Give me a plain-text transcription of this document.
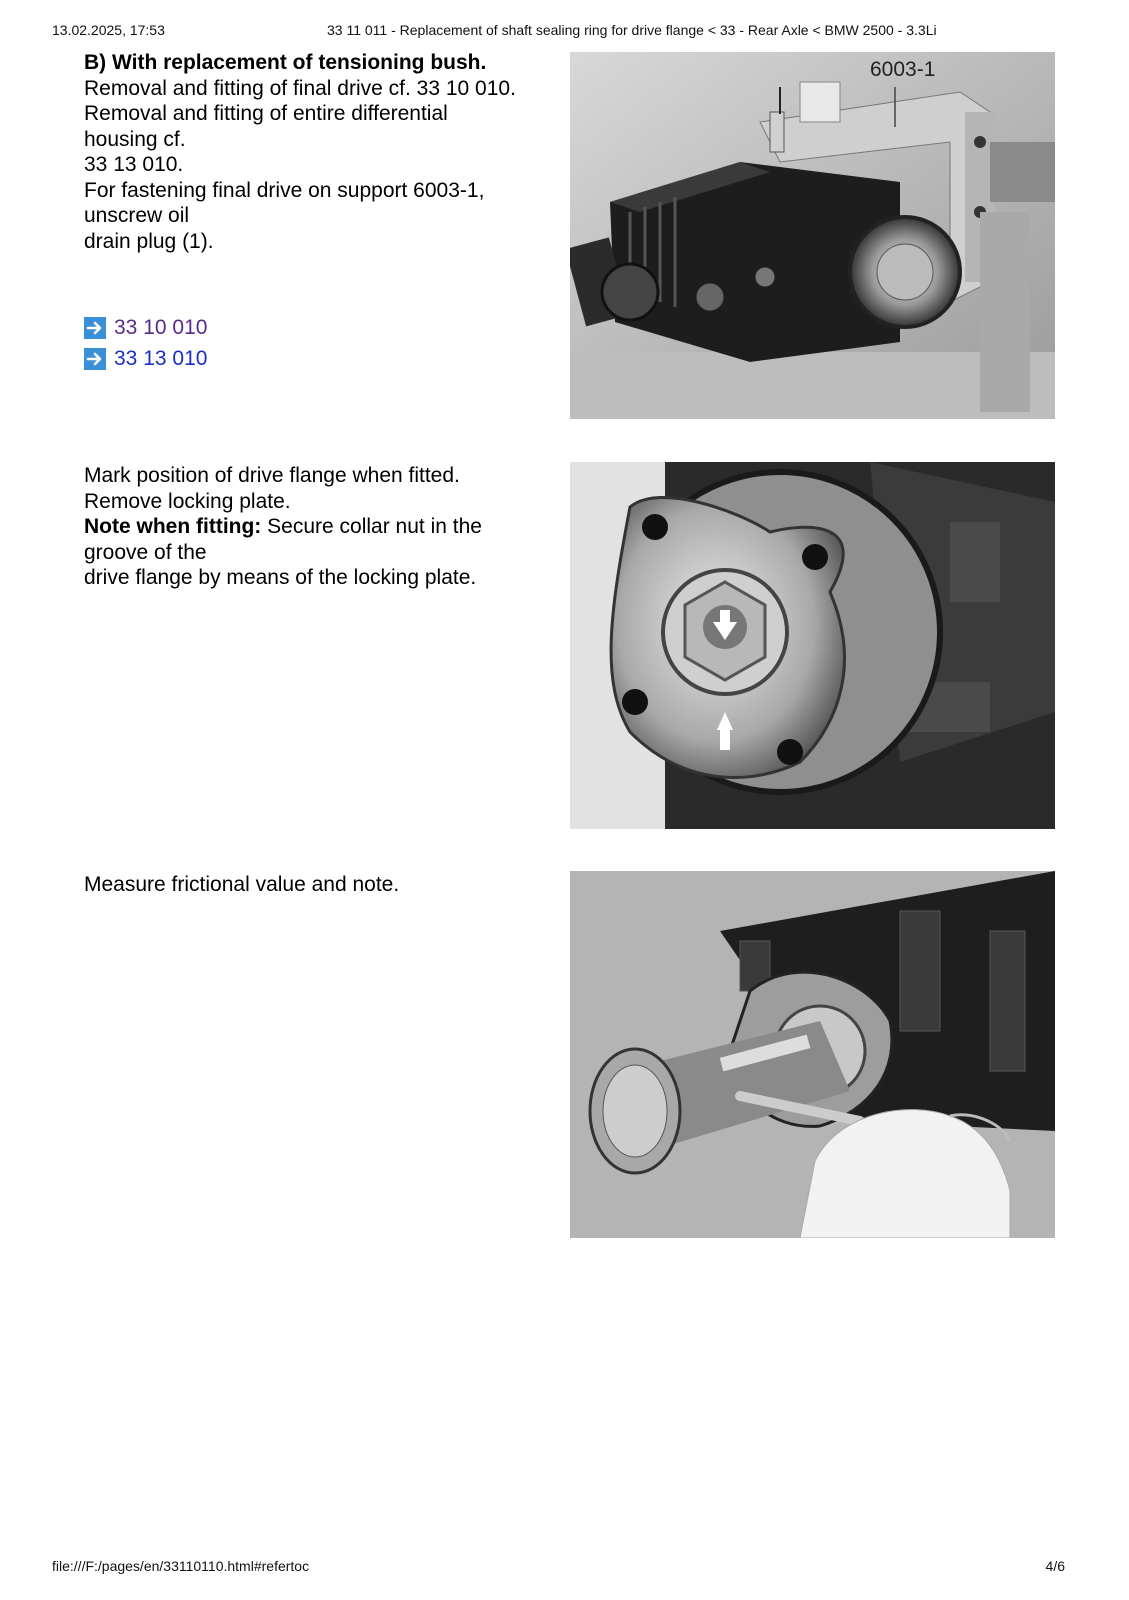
13.02.2025, 17:53	33 11 011 - Replacement of shaft sealing ring for drive flange < 33 - Rear Axle < BMW 2500 - 3.3Li
B) With replacement of tensioning bush.
Removal and fitting of final drive cf. 33 10 010.
Removal and fitting of entire differential
housing cf.
33 13 010.
For fastening final drive on support 6003-1,
unscrew oil
drain plug (1).
33 10 010
33 13 010
6003-1
Mark position of drive flange when fitted.
Remove locking plate.
Note when fitting: Secure collar nut in the
groove of the
drive flange by means of the locking plate.
Measure frictional value and note.
file:///F:/pages/en/33110110.html#refertoc	4/6
